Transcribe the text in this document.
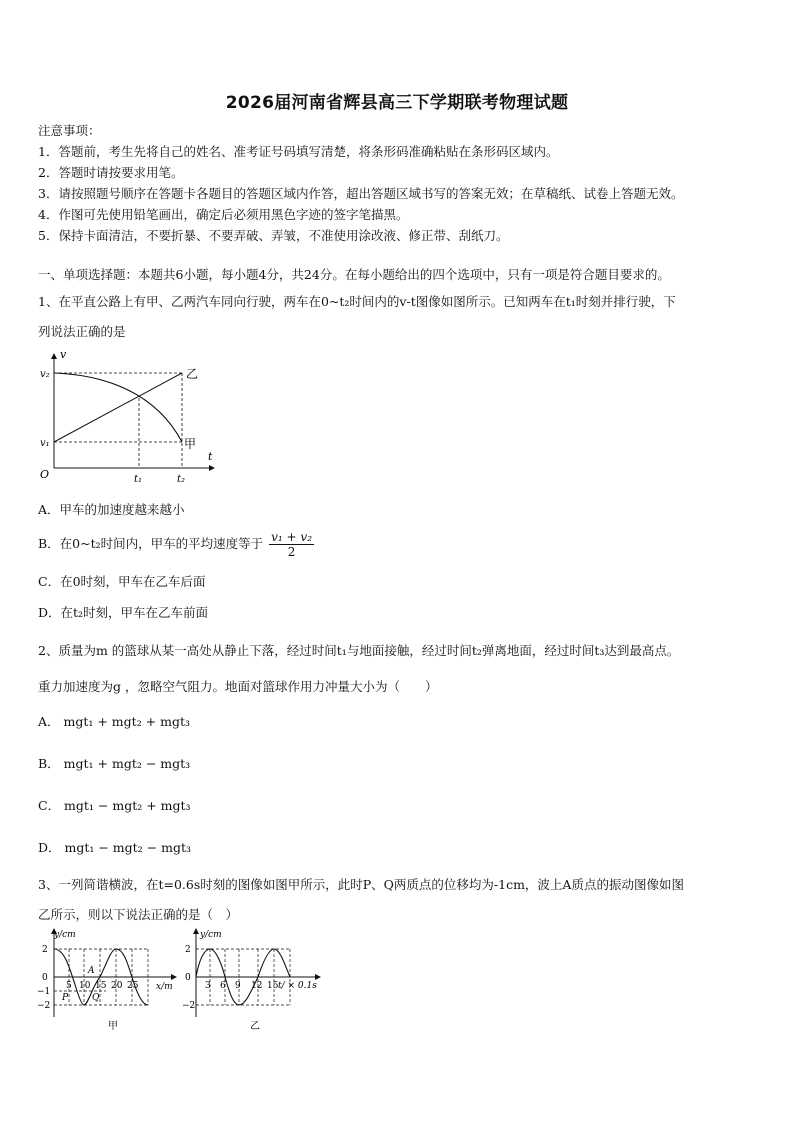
2026届河南省辉县高三下学期联考物理试题
注意事项：
1．答题前，考生先将自己的姓名、准考证号码填写清楚，将条形码准确粘贴在条形码区域内。
2．答题时请按要求用笔。
3．请按照题号顺序在答题卡各题目的答题区域内作答，超出答题区域书写的答案无效；在草稿纸、试卷上答题无效。
4．作图可先使用铅笔画出，确定后必须用黑色字迹的签字笔描黑。
5．保持卡面清洁，不要折暴、不要弄破、弄皱，不准使用涂改液、修正带、刮纸刀。
一、单项选择题：本题共6小题，每小题4分，共24分。在每小题给出的四个选项中，只有一项是符合题目要求的。
1、在平直公路上有甲、乙两汽车同向行驶，两车在0~t₂时间内的v-t图像如图所示。已知两车在t₁时刻并排行驶，下
列说法正确的是
v
t
O
v₂
v₁
t₁	t₂
乙
甲
A．甲车的加速度越来越小
B．在0~t₂时间内，甲车的平均速度等于 $\frac{\text{v₁ + v₂}}{2}$
C．在0时刻，甲车在乙车后面
D．在t₂时刻，甲车在乙车前面
2、质量为m 的篮球从某一高处从静止下落，经过时间t₁与地面接触，经过时间t₂弹离地面，经过时间t₃达到最高点。
重力加速度为g ，忽略空气阻力。地面对篮球作用力冲量大小为（　　）
A． mgt₁ + mgt₂ + mgt₃
B． mgt₁ + mgt₂ − mgt₃
C． mgt₁ − mgt₂ + mgt₃
D． mgt₁ − mgt₂ − mgt₃
3、一列简谐横波，在t=0.6s时刻的图像如图甲所示，此时P、Q两质点的位移均为-1cm，波上A质点的振动图像如图
乙所示，则以下说法正确的是（　）
y/cm
x/m
2
0
−1
−2
5 10 15 20 25
A
P	Q
甲
y/cm
t/ × 0.1s
2
0
−2
3 6 9 12 15
乙
